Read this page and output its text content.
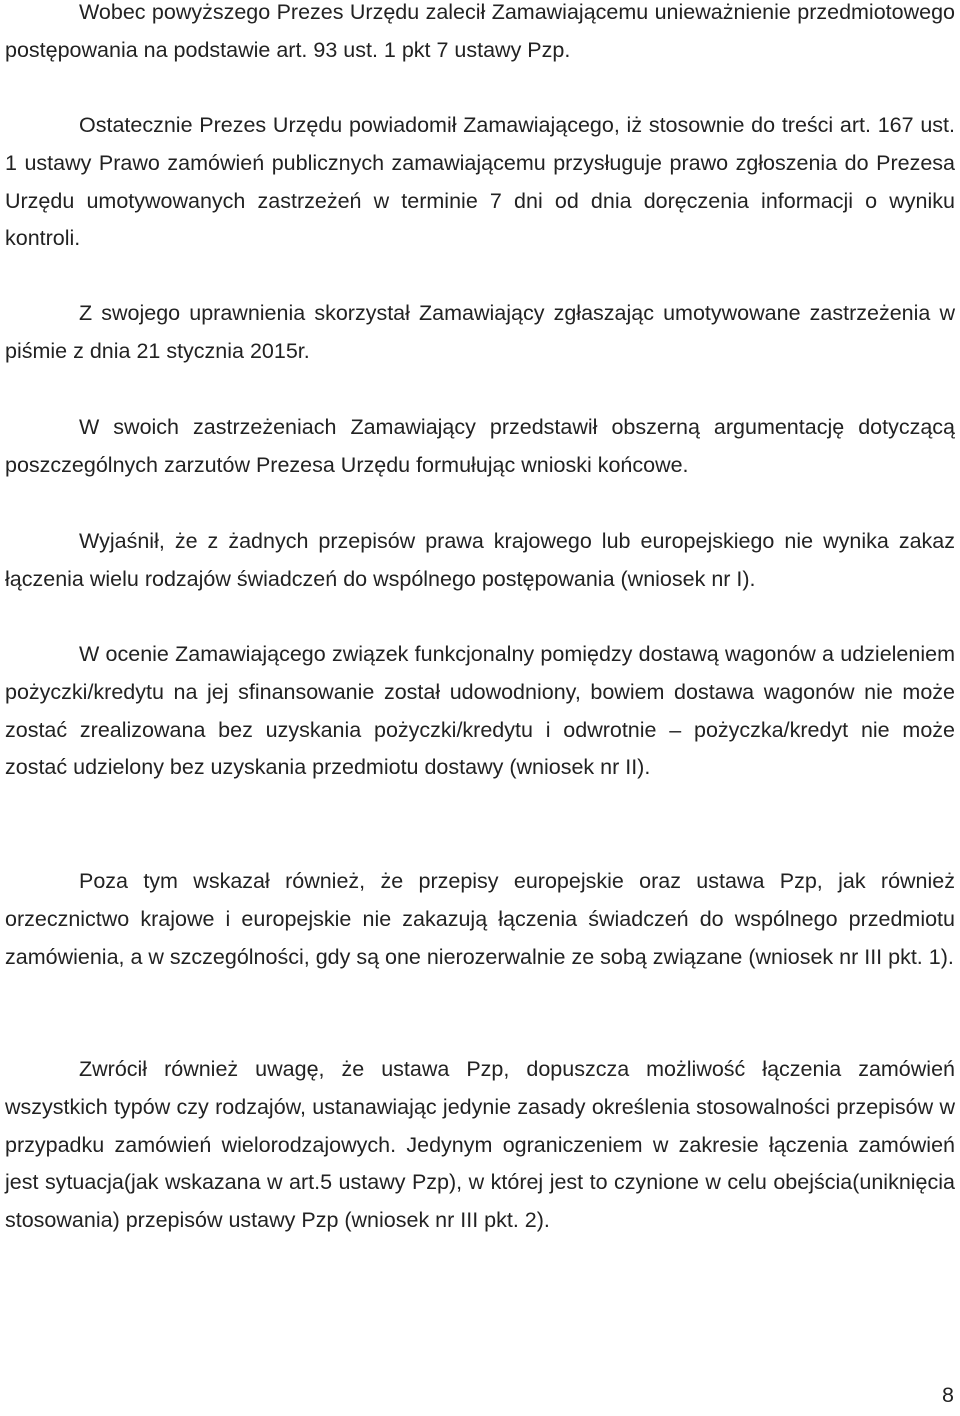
Wobec powyższego Prezes Urzędu zalecił Zamawiającemu unieważnienie przedmiotowego postępowania na podstawie art. 93 ust. 1 pkt 7 ustawy Pzp.

Ostatecznie Prezes Urzędu powiadomił Zamawiającego, iż stosownie do treści art. 167 ust. 1 ustawy Prawo zamówień publicznych zamawiającemu przysługuje prawo zgłoszenia do Prezesa Urzędu umotywowanych zastrzeżeń w terminie 7 dni od dnia doręczenia informacji o wyniku kontroli.

Z swojego uprawnienia skorzystał Zamawiający zgłaszając umotywowane zastrzeżenia w piśmie z dnia 21 stycznia 2015r.

W swoich zastrzeżeniach Zamawiający przedstawił obszerną argumentację dotyczącą poszczególnych zarzutów Prezesa Urzędu formułując wnioski końcowe.

Wyjaśnił, że z żadnych przepisów prawa krajowego lub europejskiego nie wynika zakaz łączenia wielu rodzajów świadczeń do wspólnego postępowania (wniosek nr I).

W ocenie Zamawiającego związek funkcjonalny pomiędzy dostawą wagonów a udzieleniem pożyczki/kredytu na jej sfinansowanie został udowodniony, bowiem dostawa wagonów nie może zostać zrealizowana bez uzyskania pożyczki/kredytu i odwrotnie – pożyczka/kredyt nie może zostać udzielony bez uzyskania przedmiotu dostawy (wniosek nr II).

Poza tym wskazał również, że przepisy europejskie oraz ustawa Pzp, jak również orzecznictwo krajowe i europejskie nie zakazują łączenia świadczeń do wspólnego przedmiotu zamówienia, a w szczególności, gdy są one nierozerwalnie ze sobą związane (wniosek nr III pkt. 1).

Zwrócił również uwagę, że ustawa Pzp, dopuszcza możliwość łączenia zamówień wszystkich typów czy rodzajów, ustanawiając jedynie zasady określenia stosowalności przepisów w przypadku zamówień wielorodzajowych. Jedynym ograniczeniem w zakresie łączenia zamówień jest sytuacja(jak wskazana w art.5 ustawy Pzp), w której jest to czynione w celu obejścia(uniknięcia stosowania) przepisów ustawy Pzp (wniosek nr III pkt. 2).

8
